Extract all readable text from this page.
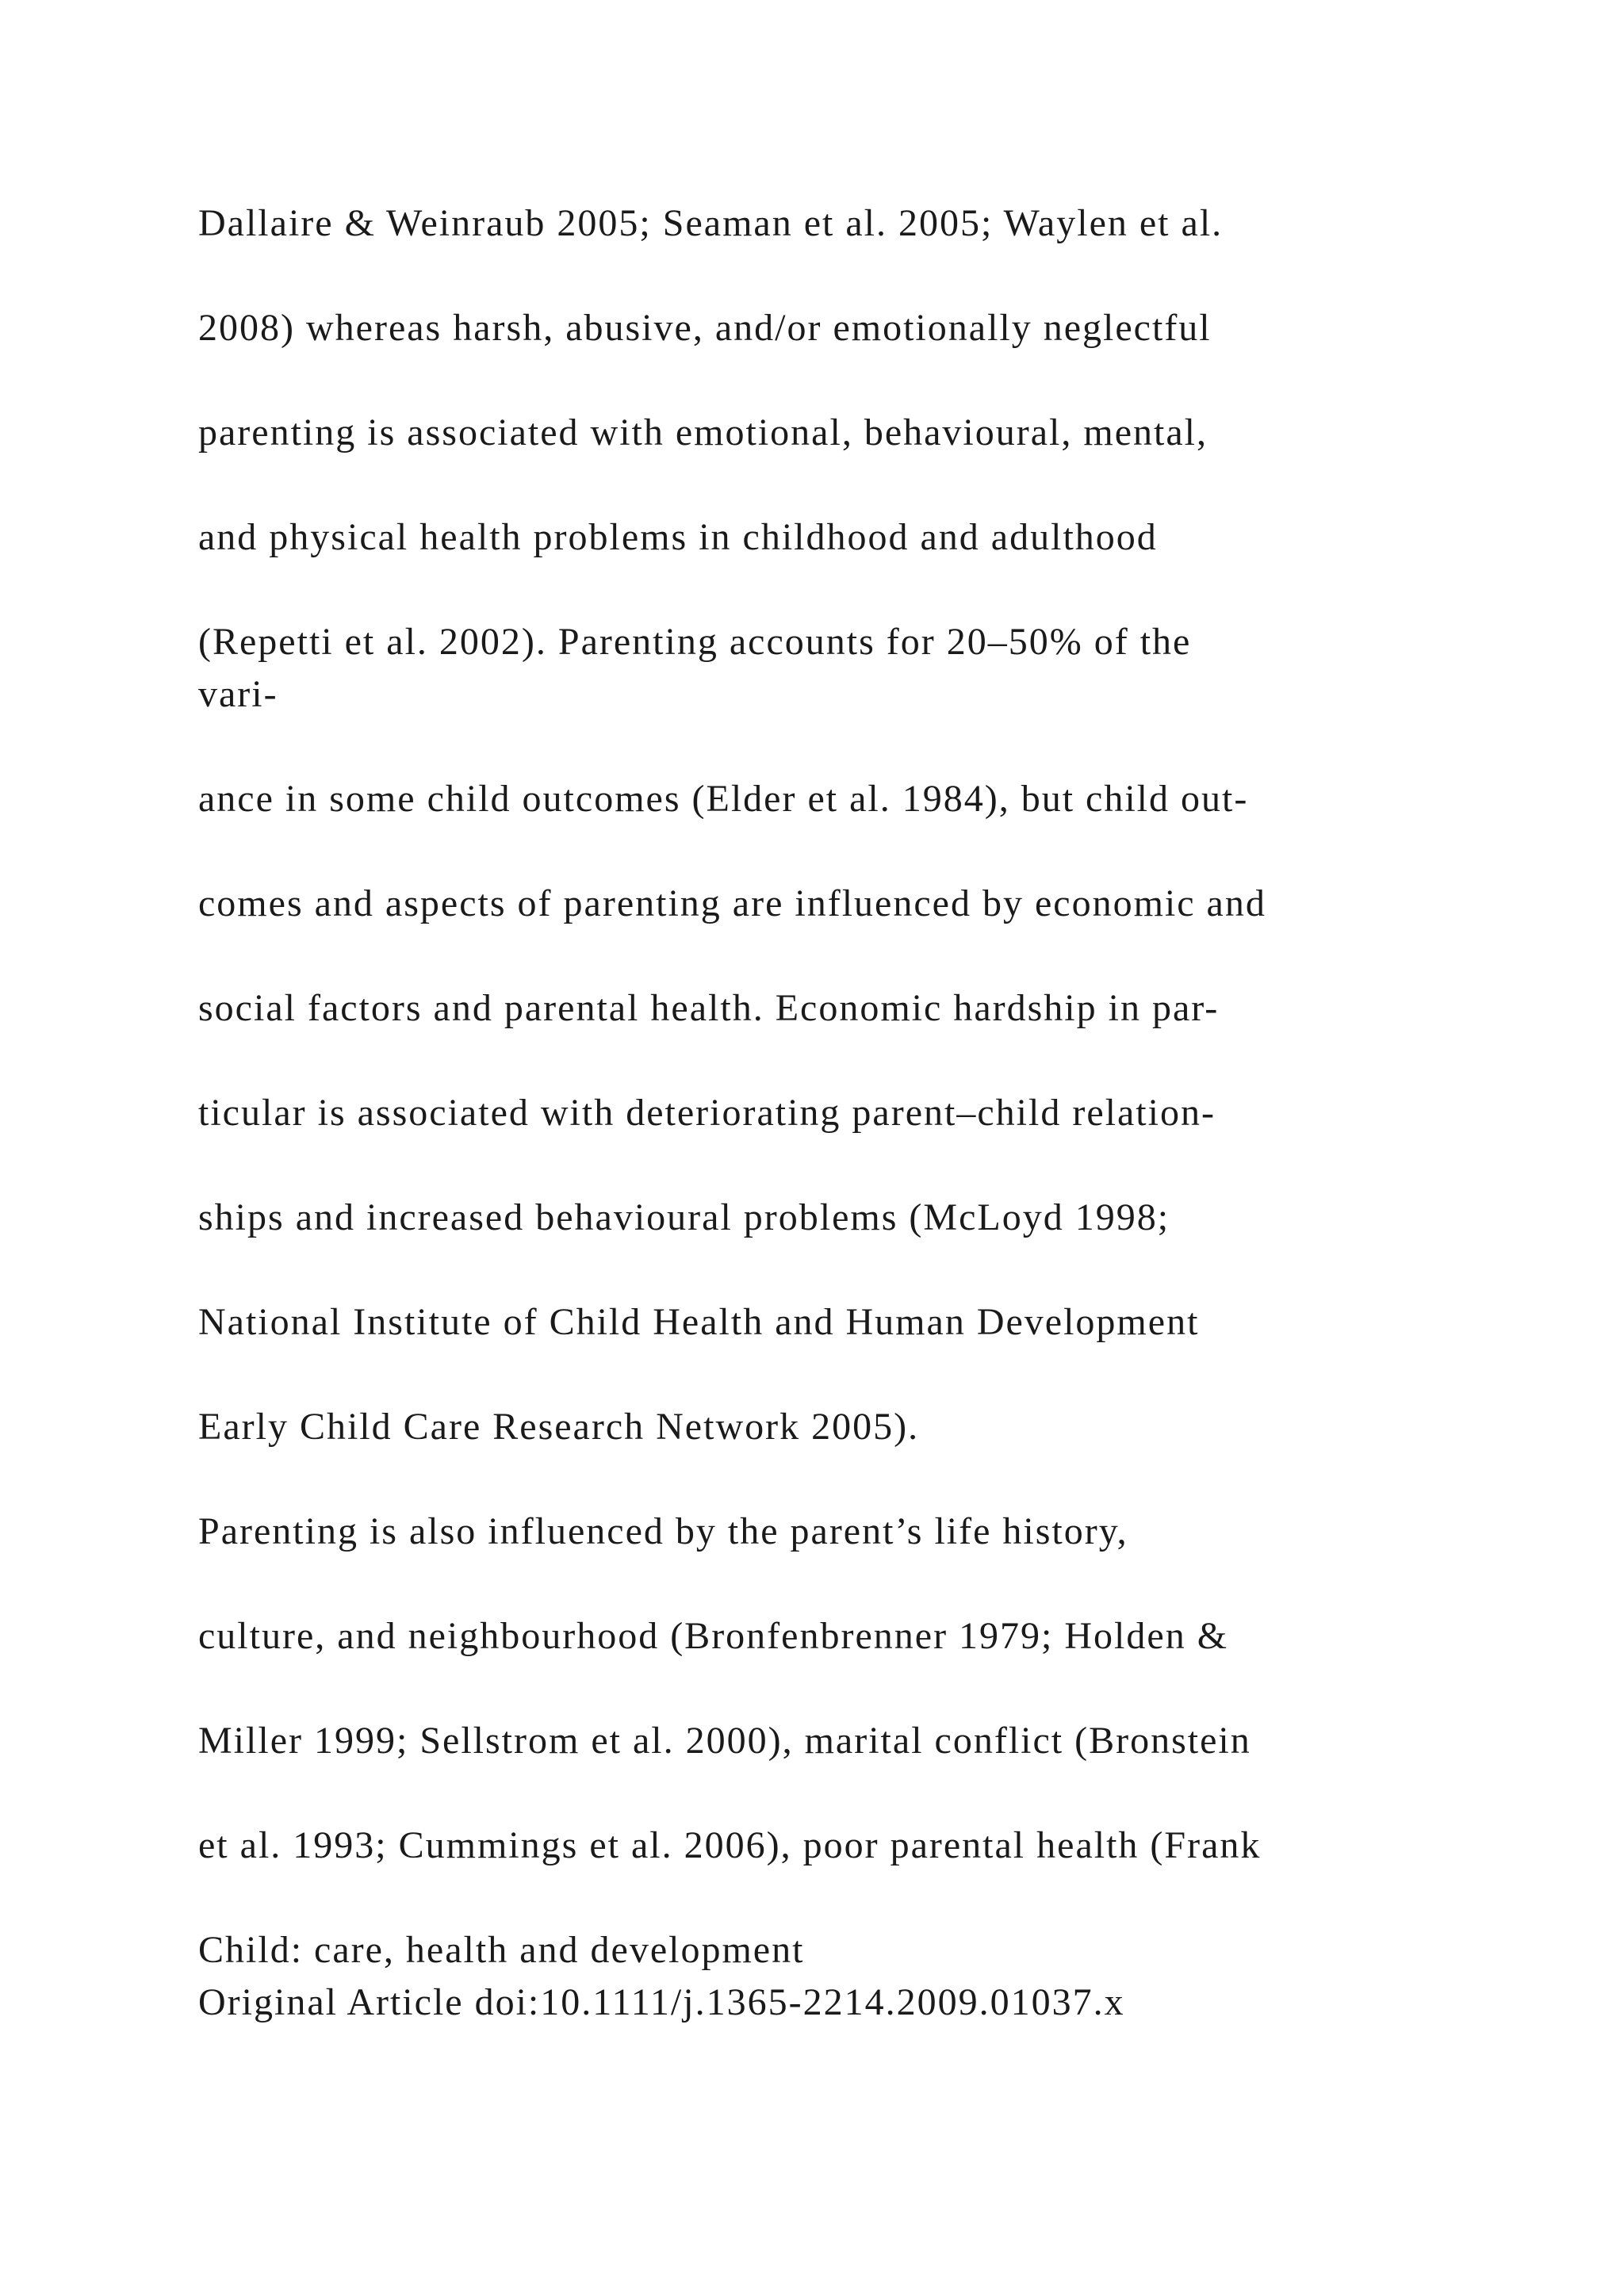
Dallaire & Weinraub 2005; Seaman et al. 2005; Waylen et al.
2008) whereas harsh, abusive, and/or emotionally neglectful
parenting is associated with emotional, behavioural, mental,
and physical health problems in childhood and adulthood
(Repetti et al. 2002). Parenting accounts for 20–50% of the
vari-
ance in some child outcomes (Elder et al. 1984), but child out-
comes and aspects of parenting are influenced by economic and
social factors and parental health. Economic hardship in par-
ticular is associated with deteriorating parent–child relation-
ships and increased behavioural problems (McLoyd 1998;
National Institute of Child Health and Human Development
Early Child Care Research Network 2005).
Parenting is also influenced by the parent’s life history,
culture, and neighbourhood (Bronfenbrenner 1979; Holden &
Miller 1999; Sellstrom et al. 2000), marital conflict (Bronstein
et al. 1993; Cummings et al. 2006), poor parental health (Frank
Child: care, health and development
Original Article doi:10.1111/j.1365-2214.2009.01037.x
